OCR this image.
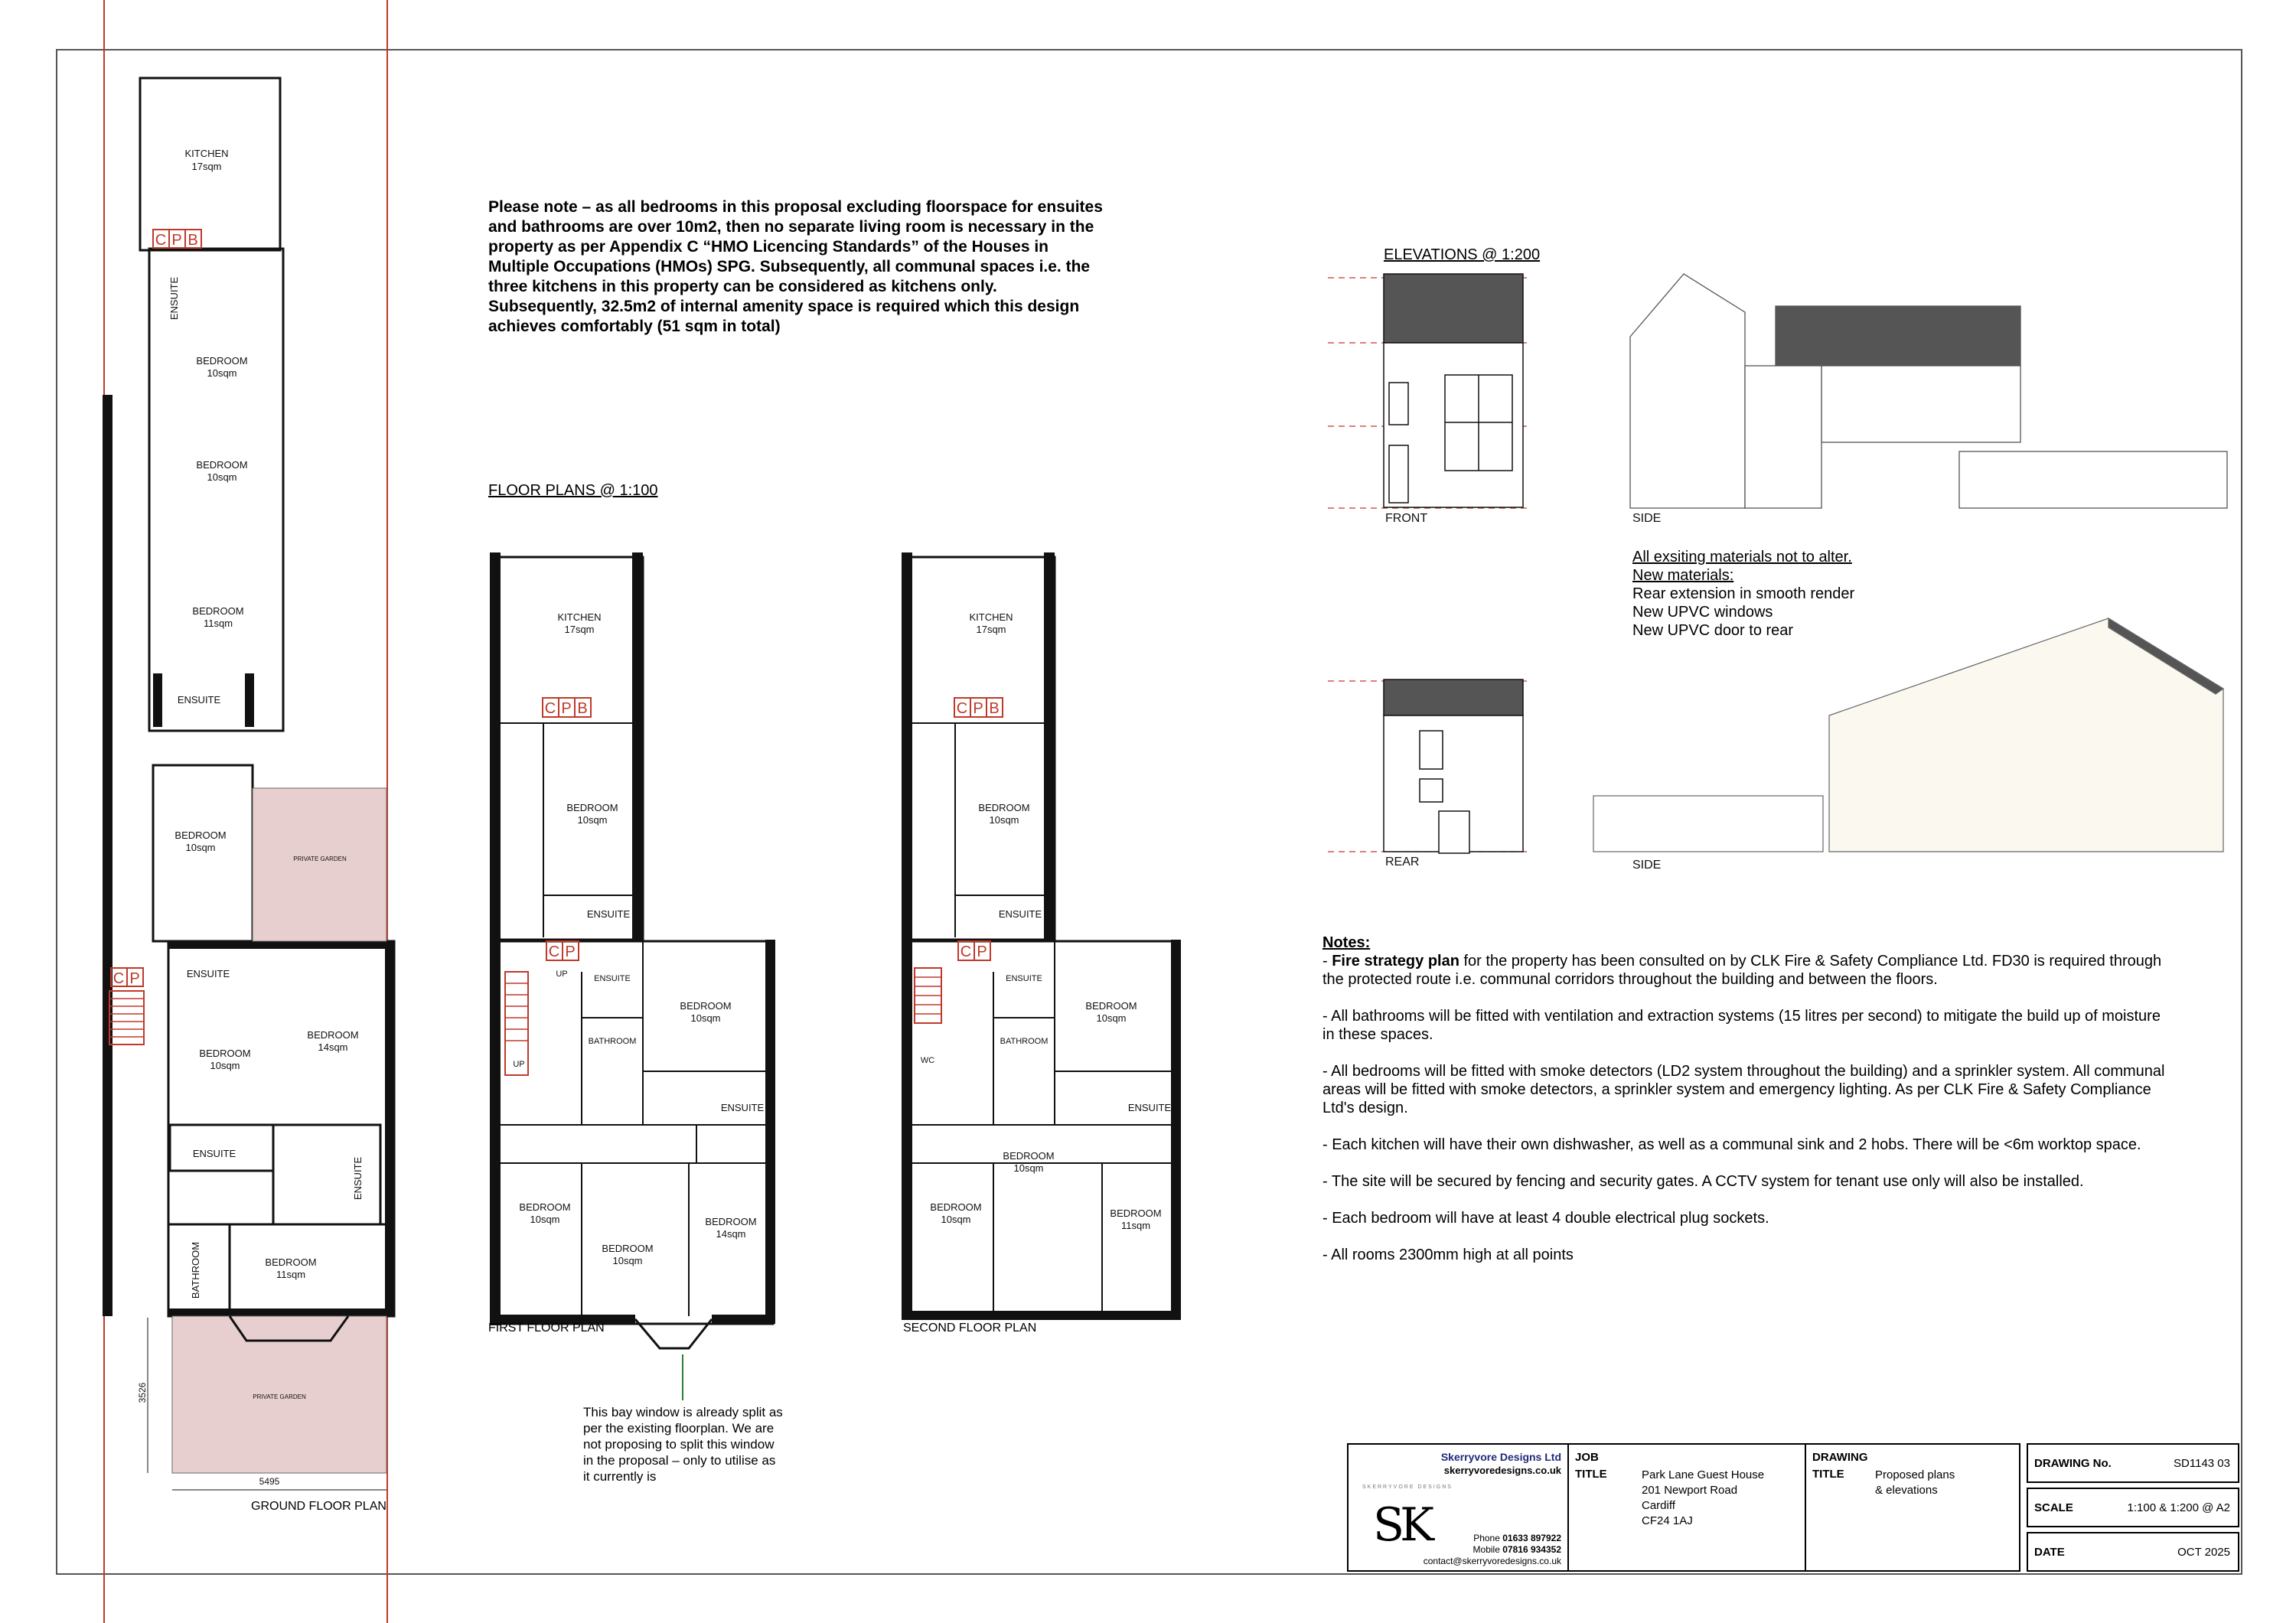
Please note – as all bedrooms in this proposal excluding floorspace for ensuites and bathrooms are over 10m2, then no separate living room is necessary in the property as per Appendix C “HMO Licencing Standards” of the Houses in Multiple Occupations (HMOs) SPG. Subsequently, all communal spaces i.e. the three kitchens in this property can be considered as kitchens only. Subsequently, 32.5m2 of internal amenity space is required which this design achieves comfortably (51 sqm in total)
FLOOR PLANS @ 1:100
ELEVATIONS @ 1:200
C P B
C P
KITCHEN
17sqm
ENSUITE
BEDROOM
10sqm
BEDROOM
10sqm
BEDROOM
11sqm
ENSUITE
BEDROOM
10sqm
ENSUITE
BEDROOM
10sqm
BEDROOM
14sqm
ENSUITE
ENSUITE
BATHROOM	BEDROOM
11sqm
PRIVATE GARDEN
PRIVATE GARDEN
5495
3526
GROUND FLOOR PLAN
C P B
C P
KITCHEN
17sqm
BEDROOM
10sqm
ENSUITE
ENSUITE
BATHROOM
BEDROOM
10sqm
ENSUITE
BEDROOM
10sqm
BEDROOM
10sqm
BEDROOM
14sqm
UP
UP
FIRST FLOOR PLAN
This bay window is already split as per the existing floorplan. We are not proposing to split this window in the proposal – only to utilise as it currently is
C P B
C P
KITCHEN
17sqm
BEDROOM
10sqm
ENSUITE
ENSUITE
BATHROOM
BEDROOM
10sqm
ENSUITE
WC
BEDROOM
10sqm
BEDROOM
10sqm
BEDROOM
11sqm
SECOND FLOOR PLAN
FRONT	SIDE
REAR	SIDE
All exsiting materials not to alter.
New materials:
Rear extension in smooth render
New UPVC windows
New UPVC door to rear
Notes:

- Fire strategy plan for the property has been consulted on by CLK Fire & Safety Compliance Ltd. FD30 is required through the protected route i.e. communal corridors throughout the building and between the floors.

- All bathrooms will be fitted with ventilation and extraction systems (15 litres per second) to mitigate the build up of moisture in these spaces.

- All bedrooms will be fitted with smoke detectors (LD2 system throughout the building) and a sprinkler system. All communal areas will be fitted with smoke detectors, a sprinkler system and emergency lighting. As per CLK Fire & Safety Compliance Ltd's design.

- Each kitchen will have their own dishwasher, as well as a communal sink and 2 hobs. There will be <6m worktop space.

- The site will be secured by fencing and security gates. A CCTV system for tenant use only will also be installed.

- Each bedroom will have at least 4 double electrical plug sockets.

- All rooms 2300mm high at all points

Skerryvore Designs Ltd
skerryvoredesigns.co.uk
SK
SKERRYVORE DESIGNS
Phone 01633 897922
Mobile 07816 934352
contact@skerryvoredesigns.co.uk
JOB
TITLE	Park Lane Guest House
201 Newport Road
Cardiff
CF24 1AJ
DRAWING
TITLE	Proposed plans
& elevations
DRAWING No.	SD1143 03
SCALE	1:100 & 1:200 @ A2
DATE	OCT 2025
